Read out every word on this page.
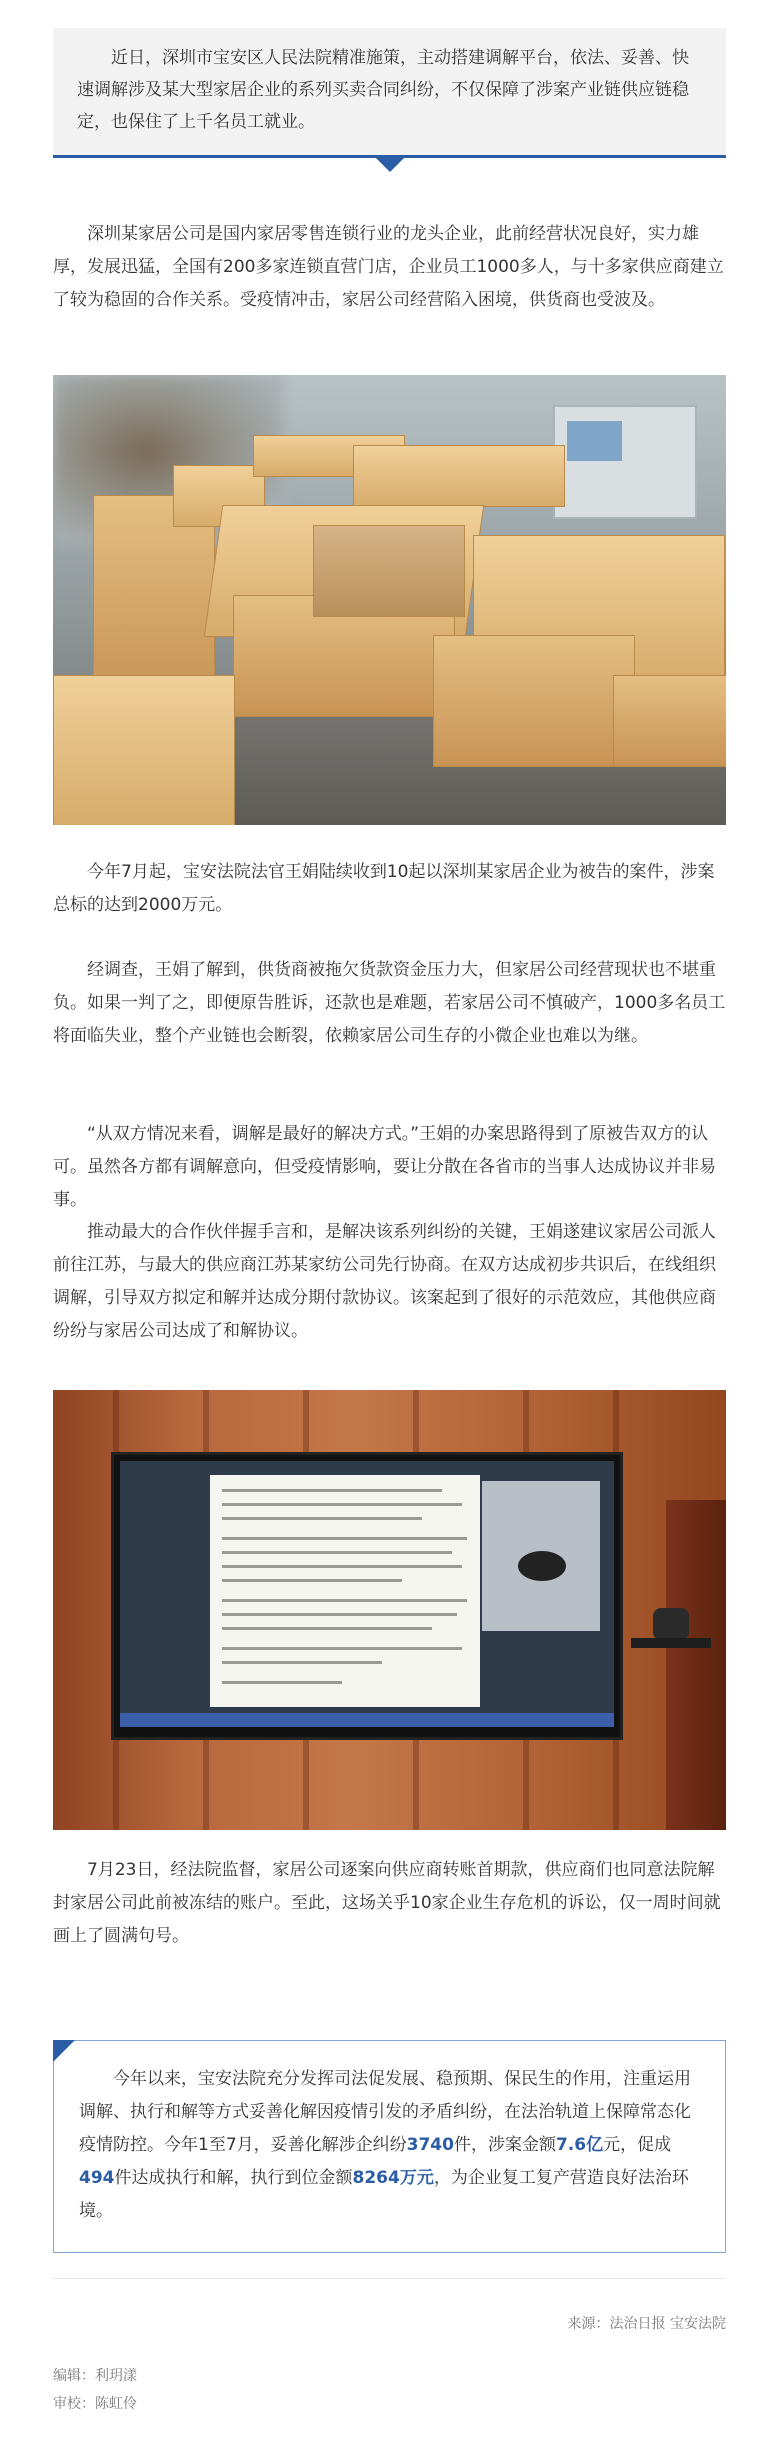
近日，深圳市宝安区人民法院精准施策，主动搭建调解平台，依法、妥善、快速调解涉及某大型家居企业的系列买卖合同纠纷，不仅保障了涉案产业链供应链稳定，也保住了上千名员工就业。

深圳某家居公司是国内家居零售连锁行业的龙头企业，此前经营状况良好，实力雄厚，发展迅猛，全国有200多家连锁直营门店，企业员工1000多人，与十多家供应商建立了较为稳固的合作关系。受疫情冲击，家居公司经营陷入困境，供货商也受波及。

今年7月起，宝安法院法官王娟陆续收到10起以深圳某家居企业为被告的案件，涉案总标的达到2000万元。

经调查，王娟了解到，供货商被拖欠货款资金压力大，但家居公司经营现状也不堪重负。如果一判了之，即便原告胜诉，还款也是难题，若家居公司不慎破产，1000多名员工将面临失业，整个产业链也会断裂，依赖家居公司生存的小微企业也难以为继。

“从双方情况来看，调解是最好的解决方式。”王娟的办案思路得到了原被告双方的认可。虽然各方都有调解意向，但受疫情影响，要让分散在各省市的当事人达成协议并非易事。

推动最大的合作伙伴握手言和，是解决该系列纠纷的关键，王娟遂建议家居公司派人前往江苏，与最大的供应商江苏某家纺公司先行协商。在双方达成初步共识后，在线组织调解，引导双方拟定和解并达成分期付款协议。该案起到了很好的示范效应，其他供应商纷纷与家居公司达成了和解协议。

7月23日，经法院监督，家居公司逐案向供应商转账首期款，供应商们也同意法院解封家居公司此前被冻结的账户。至此，这场关乎10家企业生存危机的诉讼，仅一周时间就画上了圆满句号。

今年以来，宝安法院充分发挥司法促发展、稳预期、保民生的作用，注重运用调解、执行和解等方式妥善化解因疫情引发的矛盾纠纷，在法治轨道上保障常态化疫情防控。今年1至7月，妥善化解涉企纠纷3740件，涉案金额7.6亿元，促成494件达成执行和解，执行到位金额8264万元，为企业复工复产营造良好法治环境。

来源：法治日报 宝安法院
编辑：利玥漾
审校：陈虹伶
